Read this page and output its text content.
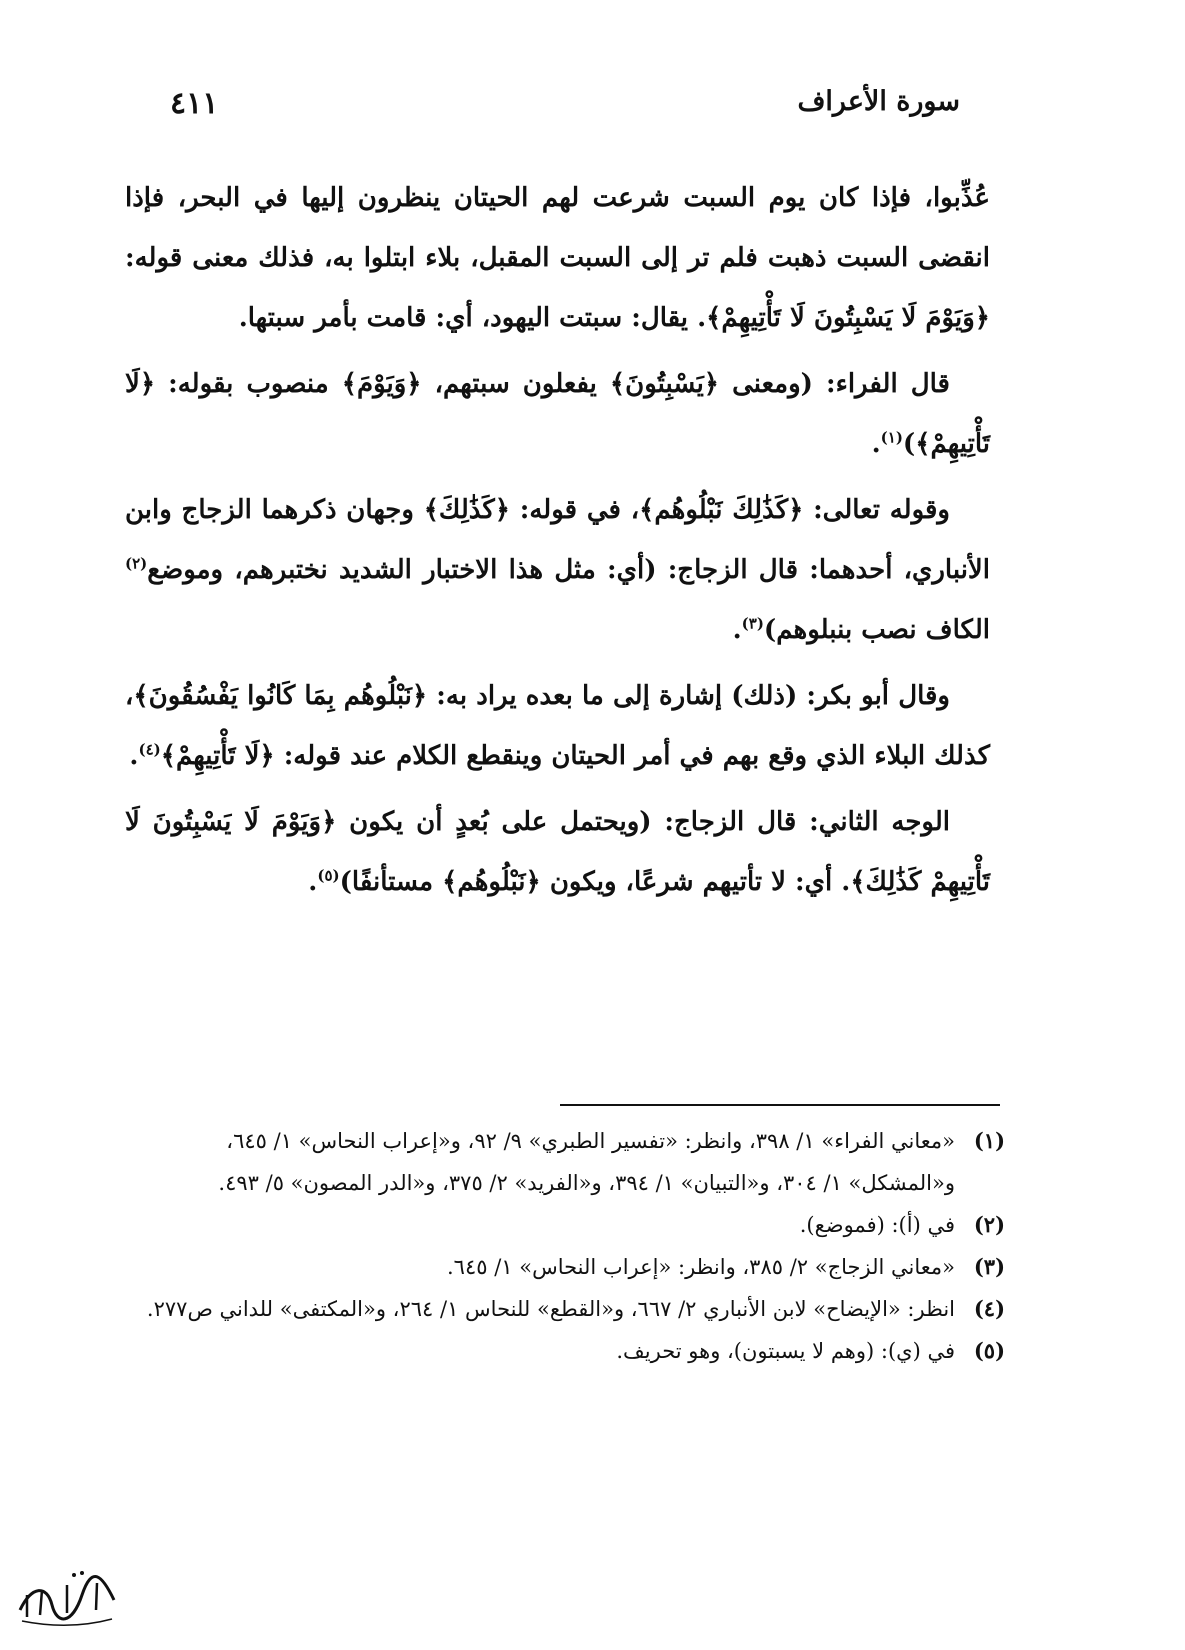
سورة الأعراف
٤١١

عُذِّبوا، فإذا كان يوم السبت شرعت لهم الحيتان ينظرون إليها في البحر، فإذا انقضى السبت ذهبت فلم تر إلى السبت المقبل، بلاء ابتلوا به، فذلك معنى قوله: ﴿وَيَوْمَ لَا يَسْبِتُونَ لَا تَأْتِيهِمْ﴾. يقال: سبتت اليهود، أي: قامت بأمر سبتها.

قال الفراء: (ومعنى ﴿يَسْبِتُونَ﴾ يفعلون سبتهم، ﴿وَيَوْمَ﴾ منصوب بقوله: ﴿لَا تَأْتِيهِمْ﴾)$^{(١)}$.

وقوله تعالى: ﴿كَذَٰلِكَ نَبْلُوهُم﴾، في قوله: ﴿كَذَٰلِكَ﴾ وجهان ذكرهما الزجاج وابن الأنباري، أحدهما: قال الزجاج: (أي: مثل هذا الاختبار الشديد نختبرهم، وموضع$^{(٢)}$ الكاف نصب بنبلوهم)$^{(٣)}$.

وقال أبو بكر: (ذلك) إشارة إلى ما بعده يراد به: ﴿نَبْلُوهُم بِمَا كَانُوا يَفْسُقُونَ﴾، كذلك البلاء الذي وقع بهم في أمر الحيتان وينقطع الكلام عند قوله: ﴿لَا تَأْتِيهِمْ﴾$^{(٤)}$.

الوجه الثاني: قال الزجاج: (ويحتمل على بُعدٍ أن يكون ﴿وَيَوْمَ لَا يَسْبِتُونَ لَا تَأْتِيهِمْ كَذَٰلِكَ﴾. أي: لا تأتيهم شرعًا، ويكون ﴿نَبْلُوهُم﴾ مستأنفًا)$^{(٥)}$.

(١)
«معاني الفراء» ١/ ٣٩٨، وانظر: «تفسير الطبري» ٩/ ٩٢، و«إعراب النحاس» ١/ ٦٤٥، و«المشكل» ١/ ٣٠٤، و«التبيان» ١/ ٣٩٤، و«الفريد» ٢/ ٣٧٥، و«الدر المصون» ٥/ ٤٩٣.
(٢)
في (أ): (فموضع).
(٣)
«معاني الزجاج» ٢/ ٣٨٥، وانظر: «إعراب النحاس» ١/ ٦٤٥.
(٤)
انظر: «الإيضاح» لابن الأنباري ٢/ ٦٦٧، و«القطع» للنحاس ١/ ٢٦٤، و«المكتفى» للداني ص٢٧٧.
(٥)
في (ي): (وهم لا يسبتون)، وهو تحريف.
